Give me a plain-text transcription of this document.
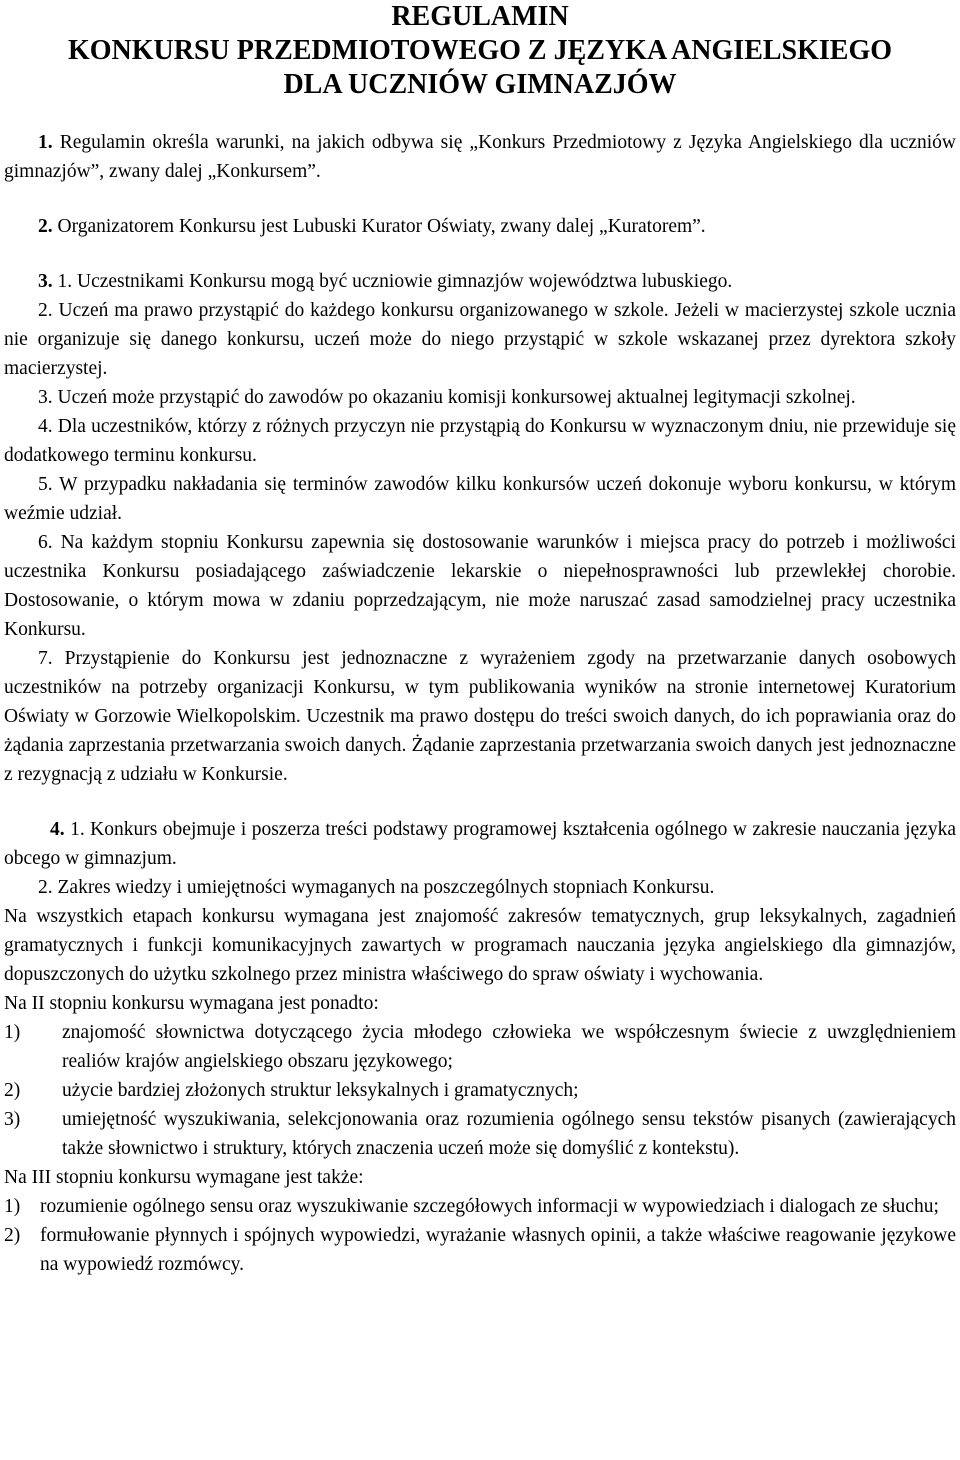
REGULAMIN
KONKURSU PRZEDMIOTOWEGO Z JĘZYKA ANGIELSKIEGO
DLA UCZNIÓW GIMNAZJÓW

1. Regulamin określa warunki, na jakich odbywa się „Konkurs Przedmiotowy z Języka Angielskiego dla uczniów gimnazjów”, zwany dalej „Konkursem”.

2. Organizatorem Konkursu jest Lubuski Kurator Oświaty, zwany dalej „Kuratorem”.

3. 1. Uczestnikami Konkursu mogą być uczniowie gimnazjów województwa lubuskiego.

2. Uczeń ma prawo przystąpić do każdego konkursu organizowanego w szkole. Jeżeli w macierzystej szkole ucznia nie organizuje się danego konkursu, uczeń może do niego przystąpić w szkole wskazanej przez dyrektora szkoły macierzystej.

3. Uczeń może przystąpić do zawodów po okazaniu komisji konkursowej aktualnej legitymacji szkolnej.

4. Dla uczestników, którzy z różnych przyczyn nie przystąpią do Konkursu w wyznaczonym dniu, nie przewiduje się dodatkowego terminu konkursu.

5. W przypadku nakładania się terminów zawodów kilku konkursów uczeń dokonuje wyboru konkursu, w którym weźmie udział.

6. Na każdym stopniu Konkursu zapewnia się dostosowanie warunków i miejsca pracy do potrzeb i możliwości uczestnika Konkursu posiadającego zaświadczenie lekarskie o niepełnosprawności lub przewlekłej chorobie. Dostosowanie, o którym mowa w zdaniu poprzedzającym, nie może naruszać zasad samodzielnej pracy uczestnika Konkursu.

7. Przystąpienie do Konkursu jest jednoznaczne z wyrażeniem zgody na przetwarzanie danych osobowych uczestników na potrzeby organizacji Konkursu, w tym publikowania wyników na stronie internetowej Kuratorium Oświaty w Gorzowie Wielkopolskim. Uczestnik ma prawo dostępu do treści swoich danych, do ich poprawiania oraz do żądania zaprzestania przetwarzania swoich danych. Żądanie zaprzestania przetwarzania swoich danych jest jednoznaczne z rezygnacją z udziału w Konkursie.

4. 1. Konkurs obejmuje i poszerza treści podstawy programowej kształcenia ogólnego w zakresie nauczania języka obcego w gimnazjum.

2. Zakres wiedzy i umiejętności wymaganych na poszczególnych stopniach Konkursu.

Na wszystkich etapach konkursu wymagana jest znajomość zakresów tematycznych, grup leksykalnych, zagadnień gramatycznych i funkcji komunikacyjnych zawartych w programach nauczania języka angielskiego dla gimnazjów, dopuszczonych do użytku szkolnego przez ministra właściwego do spraw oświaty i wychowania.

Na II stopniu konkursu wymagana jest ponadto:

1) znajomość słownictwa dotyczącego życia młodego człowieka we współczesnym świecie z uwzględnieniem realiów krajów angielskiego obszaru językowego;
2) użycie bardziej złożonych struktur leksykalnych i gramatycznych;
3) umiejętność wyszukiwania, selekcjonowania oraz rozumienia ogólnego sensu tekstów pisanych (zawierających także słownictwo i struktury, których znaczenia uczeń może się domyślić z kontekstu).

Na III stopniu konkursu wymagane jest także:

1) rozumienie ogólnego sensu oraz wyszukiwanie szczegółowych informacji w wypowiedziach i dialogach ze słuchu;
2) formułowanie płynnych i spójnych wypowiedzi, wyrażanie własnych opinii, a także właściwe reagowanie językowe na wypowiedź rozmówcy.
